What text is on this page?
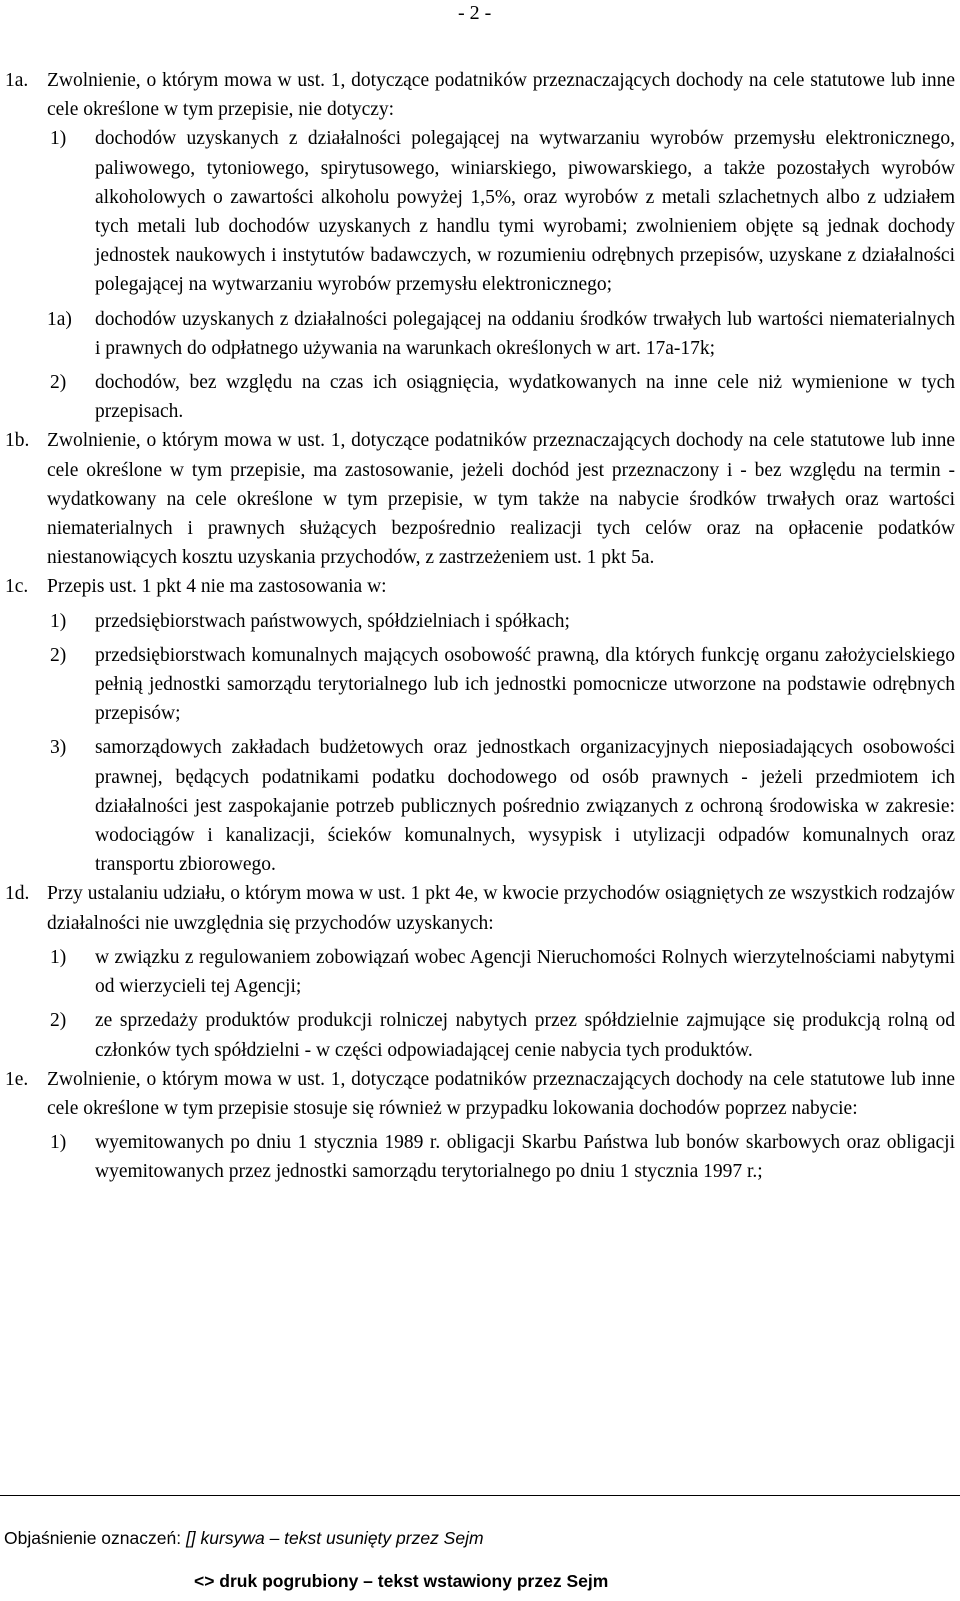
- 2 -
1a. Zwolnienie, o którym mowa w ust. 1, dotyczące podatników przeznaczających dochody na cele statutowe lub inne cele określone w tym przepisie, nie dotyczy:
1) dochodów uzyskanych z działalności polegającej na wytwarzaniu wyrobów przemysłu elektronicznego, paliwowego, tytoniowego, spirytusowego, winiarskiego, piwowarskiego, a także pozostałych wyrobów alkoholowych o zawartości alkoholu powyżej 1,5%, oraz wyrobów z metali szlachetnych albo z udziałem tych metali lub dochodów uzyskanych z handlu tymi wyrobami; zwolnieniem objęte są jednak dochody jednostek naukowych i instytutów badawczych, w rozumieniu odrębnych przepisów, uzyskane z działalności polegającej na wytwarzaniu wyrobów przemysłu elektronicznego;
1a) dochodów uzyskanych z działalności polegającej na oddaniu środków trwałych lub wartości niematerialnych i prawnych do odpłatnego używania na warunkach określonych w art. 17a-17k;
2) dochodów, bez względu na czas ich osiągnięcia, wydatkowanych na inne cele niż wymienione w tych przepisach.
1b. Zwolnienie, o którym mowa w ust. 1, dotyczące podatników przeznaczających dochody na cele statutowe lub inne cele określone w tym przepisie, ma zastosowanie, jeżeli dochód jest przeznaczony i - bez względu na termin - wydatkowany na cele określone w tym przepisie, w tym także na nabycie środków trwałych oraz wartości niematerialnych i prawnych służących bezpośrednio realizacji tych celów oraz na opłacenie podatków niestanowiących kosztu uzyskania przychodów, z zastrzeżeniem ust. 1 pkt 5a.
1c. Przepis ust. 1 pkt 4 nie ma zastosowania w:
1) przedsiębiorstwach państwowych, spółdzielniach i spółkach;
2) przedsiębiorstwach komunalnych mających osobowość prawną, dla których funkcję organu założycielskiego pełnią jednostki samorządu terytorialnego lub ich jednostki pomocnicze utworzone na podstawie odrębnych przepisów;
3) samorządowych zakładach budżetowych oraz jednostkach organizacyjnych nieposiadających osobowości prawnej, będących podatnikami podatku dochodowego od osób prawnych - jeżeli przedmiotem ich działalności jest zaspokajanie potrzeb publicznych pośrednio związanych z ochroną środowiska w zakresie: wodociągów i kanalizacji, ścieków komunalnych, wysypisk i utylizacji odpadów komunalnych oraz transportu zbiorowego.
1d. Przy ustalaniu udziału, o którym mowa w ust. 1 pkt 4e, w kwocie przychodów osiągniętych ze wszystkich rodzajów działalności nie uwzględnia się przychodów uzyskanych:
1) w związku z regulowaniem zobowiązań wobec Agencji Nieruchomości Rolnych wierzytelnościami nabytymi od wierzycieli tej Agencji;
2) ze sprzedaży produktów produkcji rolniczej nabytych przez spółdzielnie zajmujące się produkcją rolną od członków tych spółdzielni - w części odpowiadającej cenie nabycia tych produktów.
1e. Zwolnienie, o którym mowa w ust. 1, dotyczące podatników przeznaczających dochody na cele statutowe lub inne cele określone w tym przepisie stosuje się również w przypadku lokowania dochodów poprzez nabycie:
1) wyemitowanych po dniu 1 stycznia 1989 r. obligacji Skarbu Państwa lub bonów skarbowych oraz obligacji wyemitowanych przez jednostki samorządu terytorialnego po dniu 1 stycznia 1997 r.;
Objaśnienie oznaczeń: [] kursywa – tekst usunięty przez Sejm
<> druk pogrubiony – tekst wstawiony przez Sejm
